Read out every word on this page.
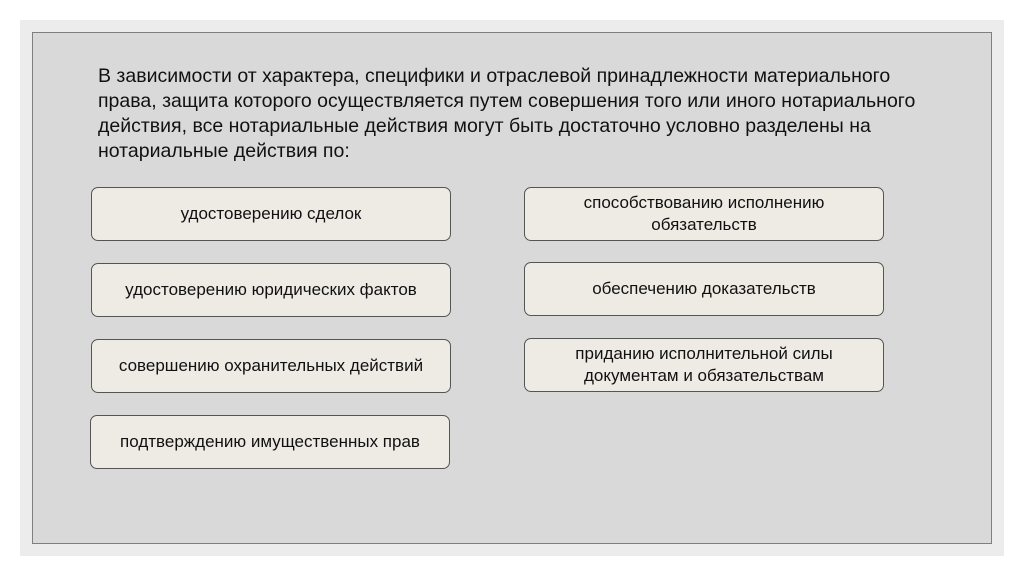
В зависимости от характера, специфики и отраслевой принадлежности материального права, защита которого осуществляется путем совершения того или иного нотариального действия, все нотариальные действия могут быть достаточно условно разделены на нотариальные действия по:
удостоверению сделок
удостоверению юридических фактов
совершению охранительных действий
подтверждению имущественных прав
способствованию исполнению обязательств
обеспечению доказательств
приданию исполнительной силы документам и обязательствам
